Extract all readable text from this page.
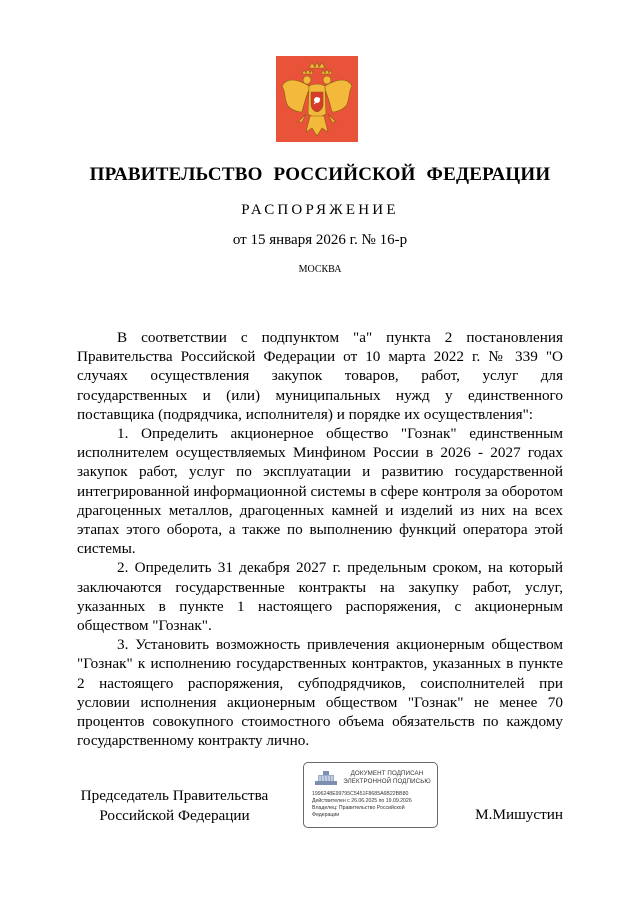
ПРАВИТЕЛЬСТВО РОССИЙСКОЙ ФЕДЕРАЦИИ
РАСПОРЯЖЕНИЕ
от 15 января 2026 г. № 16-р
МОСКВА

В соответствии с подпунктом "а" пункта 2 постановления Правительства Российской Федерации от 10 марта 2022 г. № 339 "О случаях осуществления закупок товаров, работ, услуг для государственных и (или) муниципальных нужд у единственного поставщика (подрядчика, исполнителя) и порядке их осуществления":

1. Определить акционерное общество "Гознак" единственным исполнителем осуществляемых Минфином России в 2026 - 2027 годах закупок работ, услуг по эксплуатации и развитию государственной интегрированной информационной системы в сфере контроля за оборотом драгоценных металлов, драгоценных камней и изделий из них на всех этапах этого оборота, а также по выполнению функций оператора этой системы.

2. Определить 31 декабря 2027 г. предельным сроком, на который заключаются государственные контракты на закупку работ, услуг, указанных в пункте 1 настоящего распоряжения, с акционерным обществом "Гознак".

3. Установить возможность привлечения акционерным обществом "Гознак" к исполнению государственных контрактов, указанных в пункте 2 настоящего распоряжения, субподрядчиков, соисполнителей при условии исполнения акционерным обществом "Гознак" не менее 70 процентов совокупного стоимостного объема обязательств по каждому государственному контракту лично.

Председатель Правительства
Российской Федерации
ДОКУМЕНТ ПОДПИСАН
ЭЛЕКТРОННОЙ ПОДПИСЬЮ
1996248E99795C5451F8685A6B22BB80
Действителен с 26.06.2025 по 19.09.2026
Владелец: Правительство Российской
Федерации	М.Мишустин
